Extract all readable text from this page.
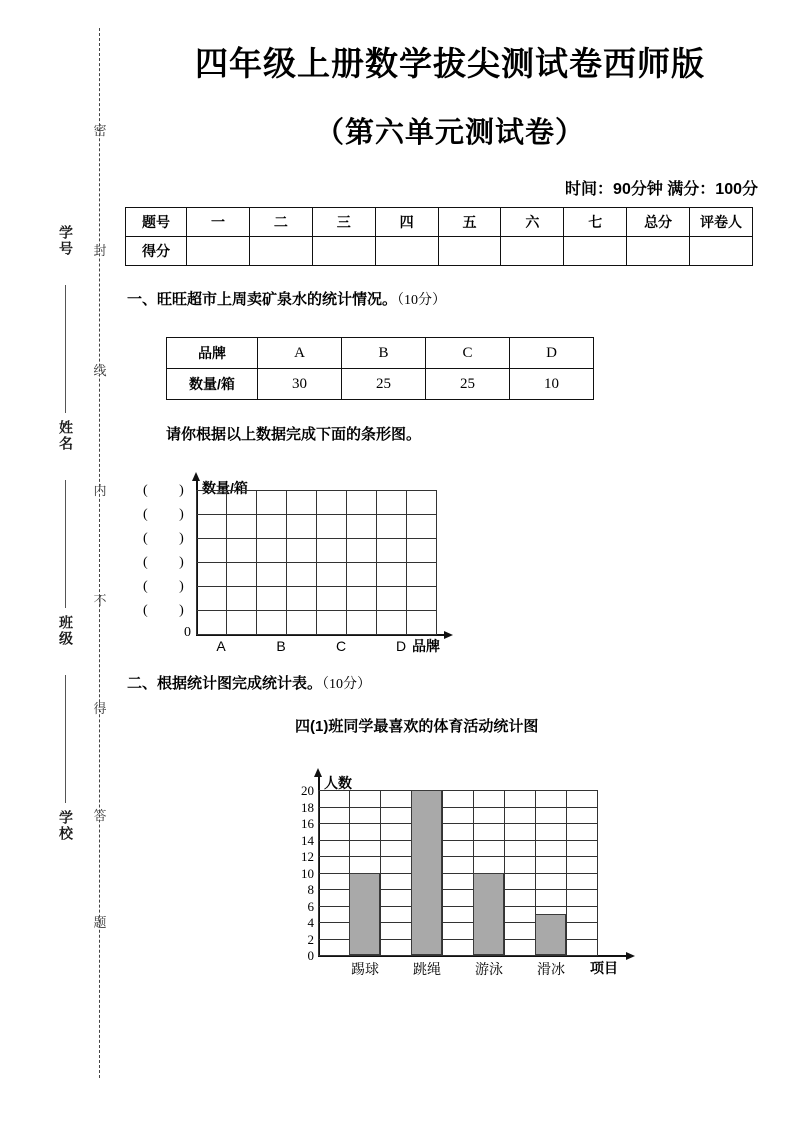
学号
姓名
班级
学校
密
封
线
内
不
得
答
题
四年级上册数学拔尖测试卷西师版
（第六单元测试卷）
时间：90分钟 满分：100分
题号	一	二	三	四	五	六	七	总分	评卷人
得分									
一、旺旺超市上周卖矿泉水的统计情况。（10分）
品牌	A	B	C	D
数量/箱	30	25	25	10
请你根据以上数据完成下面的条形图。
数量/箱
品牌
0
( )
( )
( )
( )
( )
( )
A	B	C	D
二、根据统计图完成统计表。（10分）
四(1)班同学最喜欢的体育活动统计图
人数
项目
0
2
4
6
8
10
12
14
16
18
20
踢球	跳绳	游泳	滑冰
